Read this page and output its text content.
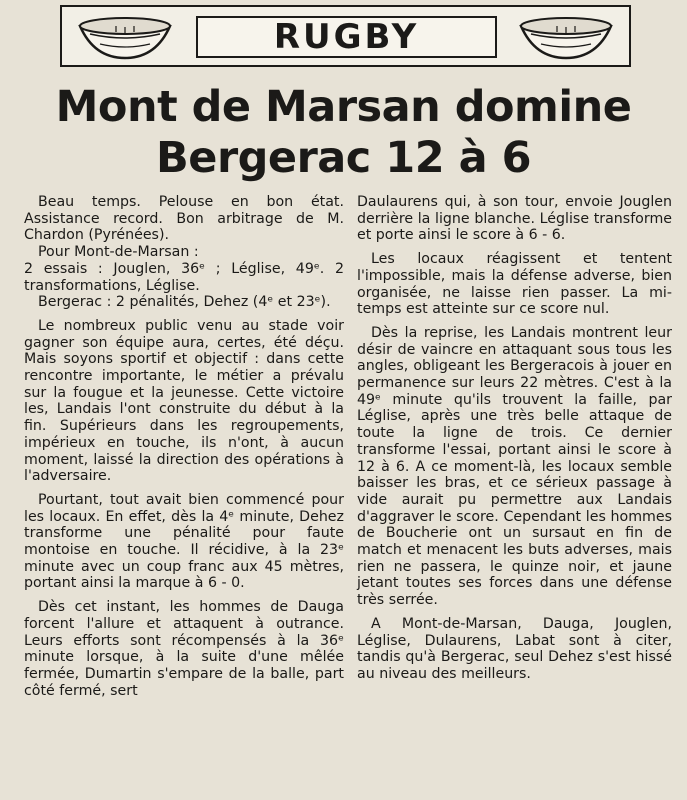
RUGBY
Mont de Marsan domine
Bergerac 12 à 6

Beau temps. Pelouse en bon état. Assistance record. Bon arbitrage de M. Chardon (Pyrénées).

Pour Mont-de-Marsan :

2 essais : Jouglen, 36ᵉ ; Léglise, 49ᵉ. 2 transformations, Léglise.

Bergerac : 2 pénalités, Dehez (4ᵉ et 23ᵉ).

Le nombreux public venu au stade voir gagner son équipe aura, certes, été déçu. Mais soyons sportif et objectif : dans cette rencontre importante, le métier a prévalu sur la fougue et la jeunesse. Cette victoire les, Landais l'ont construite du début à la fin. Supérieurs dans les regroupements, impérieux en touche, ils n'ont, à aucun moment, laissé la direction des opérations à l'adversaire.

Pourtant, tout avait bien commencé pour les locaux. En effet, dès la 4ᵉ minute, Dehez transforme une pénalité pour faute montoise en touche. Il récidive, à la 23ᵉ minute avec un coup franc aux 45 mètres, portant ainsi la marque à 6 - 0.

Dès cet instant, les hommes de Dauga forcent l'allure et attaquent à outrance. Leurs efforts sont récompensés à la 36ᵉ minute lorsque, à la suite d'une mêlée fermée, Dumartin s'empare de la balle, part côté fermé, sert

Daulaurens qui, à son tour, envoie Jouglen derrière la ligne blanche. Léglise transforme et porte ainsi le score à 6 - 6.

Les locaux réagissent et tentent l'impossible, mais la défense adverse, bien organisée, ne laisse rien passer. La mi-temps est atteinte sur ce score nul.

Dès la reprise, les Landais montrent leur désir de vaincre en attaquant sous tous les angles, obligeant les Bergeracois à jouer en permanence sur leurs 22 mètres. C'est à la 49ᵉ minute qu'ils trouvent la faille, par Léglise, après une très belle attaque de toute la ligne de trois. Ce dernier transforme l'essai, portant ainsi le score à 12 à 6. A ce moment-là, les locaux semble baisser les bras, et ce sérieux passage à vide aurait pu permettre aux Landais d'aggraver le score. Cependant les hommes de Boucherie ont un sursaut en fin de match et menacent les buts adverses, mais rien ne passera, le quinze noir, et jaune jetant toutes ses forces dans une défense très serrée.

A Mont-de-Marsan, Dauga, Jouglen, Léglise, Dulaurens, Labat sont à citer, tandis qu'à Bergerac, seul Dehez s'est hissé au niveau des meilleurs.
